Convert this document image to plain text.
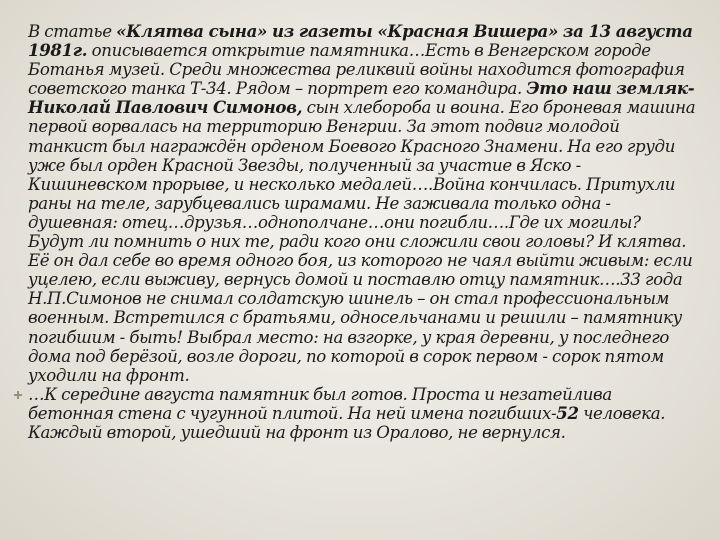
В статье «Клятва сына» из газеты «Красная Вишера» за 13 августа 1981г. описывается открытие памятника…Есть в Венгерском городе Ботанья музей. Среди множества реликвий войны находится фотография советского танка Т-34. Рядом – портрет его командира. Это наш земляк-Николай Павлович Симонов, сын хлебороба и воина. Его броневая машина первой ворвалась на территорию Венгрии. За этот подвиг молодой танкист был награждён орденом Боевого Красного Знамени. На его груди уже был орден Красной Звезды, полученный за участие в Яско - Кишиневском прорыве, и несколько медалей….Война кончилась. Притухли раны на теле, зарубцевались шрамами. Не заживала только одна - душевная: отец…друзья…однополчане…они погибли….Где их могилы? Будут ли помнить о них те, ради кого они сложили свои головы? И клятва. Её он дал себе во время одного боя, из которого не чаял выйти живым: если уцелею, если выживу, вернусь домой и поставлю отцу памятник….33 года Н.П.Симонов не снимал солдатскую шинель – он стал профессиональным военным. Встретился с братьями, односельчанами и решили – памятнику погибшим - быть! Выбрал место: на взгорке, у края деревни, у последнего дома под берёзой, возле дороги, по которой в сорок первом - сорок пятом уходили на фронт.

…К середине августа памятник был готов. Проста и незатейлива бетонная стена с чугунной плитой. На ней имена погибших-52 человека. Каждый второй, ушедший на фронт из Оралово, не вернулся.
